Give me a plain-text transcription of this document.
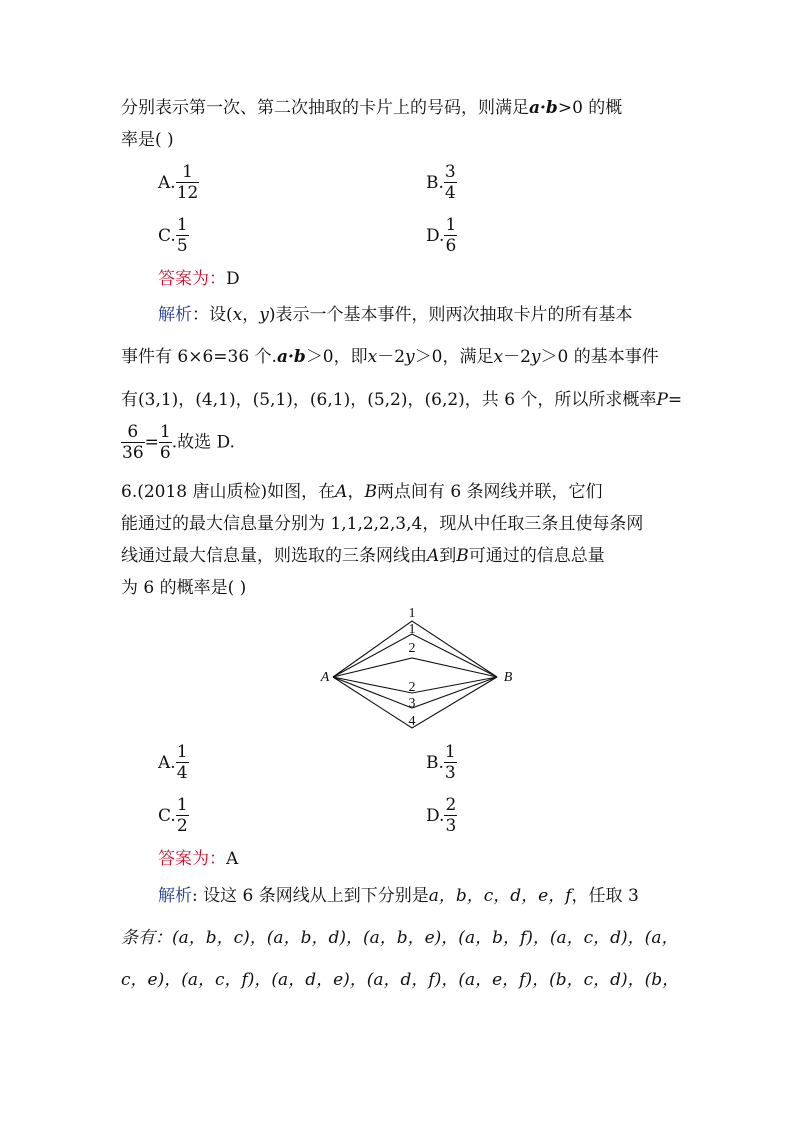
分别表示第一次、第二次抽取的卡片上的号码，则满足a·b>0 的概
率是( )
A. $\frac{1}{12}$	B. $\frac{3}{4}$
C. $\frac{1}{5}$	D. $\frac{1}{6}$
答案为：D
解析：设(x，y)表示一个基本事件，则两次抽取卡片的所有基本
事件有 6×6=36 个.a·b＞0，即x－2y＞0，满足x－2y＞0 的基本事件
有(3,1)，(4,1)，(5,1)，(6,1)，(5,2)，(6,2)，共 6 个，所以所求概率P=
$\frac{6}{36} = \frac{1}{6}$ .故选 D.
6.(2018 唐山质检)如图，在A，B两点间有 6 条网线并联，它们
能通过的最大信息量分别为 1,1,2,2,3,4，现从中任取三条且使每条网
线通过最大信息量，则选取的三条网线由A到B可通过的信息总量
为 6 的概率是( )
1
1
2
2
3
4
A	B
A. $\frac{1}{4}$	B. $\frac{1}{3}$
C. $\frac{1}{2}$	D. $\frac{2}{3}$
答案为：A
解析: 设这 6 条网线从上到下分别是a，b，c，d，e，f，任取 3
条有：(a，b，c)，(a，b，d)，(a，b，e)，(a，b，f)，(a，c，d)，(a，
c，e)，(a，c，f)，(a，d，e)，(a，d，f)，(a，e，f)，(b，c，d)，(b，
